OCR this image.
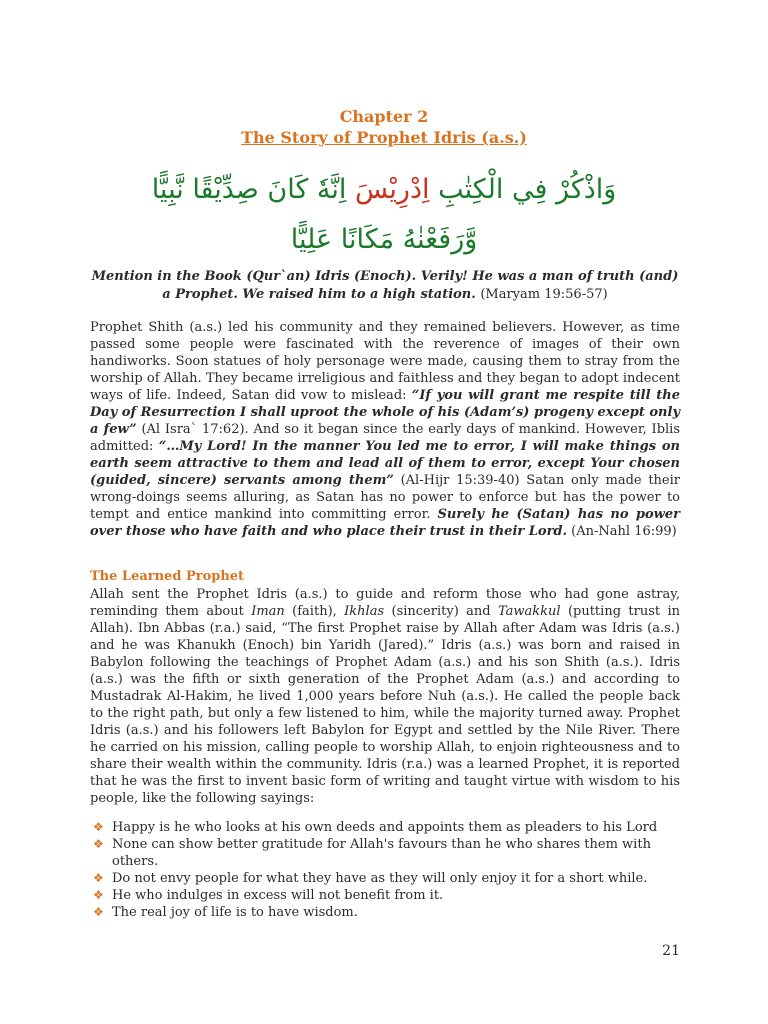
Chapter 2
The Story of Prophet Idris (a.s.)
وَاذْكُرْ فِي الْكِتٰبِ اِدْرِيْسَ اِنَّهٗ كَانَ صِدِّيْقًا نَّبِيًّا
وَّرَفَعْنٰهُ مَكَانًا عَلِيًّا
Mention in the Book (Qur`an) Idris (Enoch). Verily! He was a man of truth (and) a Prophet. We raised him to a high station. (Maryam 19:56-57)
Prophet Shith (a.s.) led his community and they remained believers. However, as time passed some people were fascinated with the reverence of images of their own handiworks. Soon statues of holy personage were made, causing them to stray from the worship of Allah. They became irreligious and faithless and they began to adopt indecent ways of life. Indeed, Satan did vow to mislead: “If you will grant me respite till the Day of Resurrection I shall uproot the whole of his (Adam’s) progeny except only a few” (Al Isra` 17:62). And so it began since the early days of mankind. However, Iblis admitted: “…My Lord! In the manner You led me to error, I will make things on earth seem attractive to them and lead all of them to error, except Your chosen (guided, sincere) servants among them” (Al-Hijr 15:39-40) Satan only made their wrong-doings seems alluring, as Satan has no power to enforce but has the power to tempt and entice mankind into committing error. Surely he (Satan) has no power over those who have faith and who place their trust in their Lord. (An-Nahl 16:99)
The Learned Prophet
Allah sent the Prophet Idris (a.s.) to guide and reform those who had gone astray, reminding them about Iman (faith), Ikhlas (sincerity) and Tawakkul (putting trust in Allah). Ibn Abbas (r.a.) said, “The first Prophet raise by Allah after Adam was Idris (a.s.) and he was Khanukh (Enoch) bin Yaridh (Jared).” Idris (a.s.) was born and raised in Babylon following the teachings of Prophet Adam (a.s.) and his son Shith (a.s.). Idris (a.s.) was the fifth or sixth generation of the Prophet Adam (a.s.) and according to Mustadrak Al-Hakim, he lived 1,000 years before Nuh (a.s.). He called the people back to the right path, but only a few listened to him, while the majority turned away. Prophet Idris (a.s.) and his followers left Babylon for Egypt and settled by the Nile River. There he carried on his mission, calling people to worship Allah, to enjoin righteousness and to share their wealth within the community. Idris (r.a.) was a learned Prophet, it is reported that he was the first to invent basic form of writing and taught virtue with wisdom to his people, like the following sayings:
❖ Happy is he who looks at his own deeds and appoints them as pleaders to his Lord
❖ None can show better gratitude for Allah's favours than he who shares them with others.
❖ Do not envy people for what they have as they will only enjoy it for a short while.
❖ He who indulges in excess will not benefit from it.
❖ The real joy of life is to have wisdom.
21
